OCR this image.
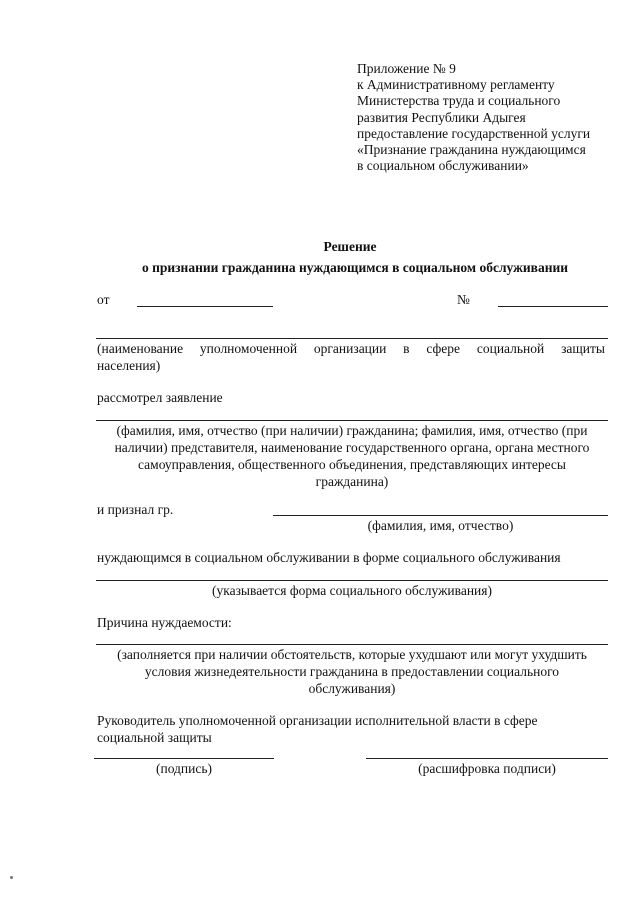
Приложение № 9
к Административному регламенту
Министерства труда и социального
развития Республики Адыгея
предоставление государственной услуги
«Признание гражданина нуждающимся
в социальном обслуживании»
Решение
о признании гражданина нуждающимся в социальном обслуживании
от	№
(наименование уполномоченной организации в сфере социальной защиты
населения)
рассмотрел заявление
(фамилия, имя, отчество (при наличии) гражданина; фамилия, имя, отчество (при
наличии) представителя, наименование государственного органа, органа местного
самоуправления, общественного объединения, представляющих интересы
гражданина)
и признал гр.
(фамилия, имя, отчество)
нуждающимся в социальном обслуживании в форме социального обслуживания
(указывается форма социального обслуживания)
Причина нуждаемости:
(заполняется при наличии обстоятельств, которые ухудшают или могут ухудшить
условия жизнедеятельности гражданина в предоставлении социального
обслуживания)
Руководитель уполномоченной организации исполнительной власти в сфере
социальной защиты
(подпись)	(расшифровка подписи)
